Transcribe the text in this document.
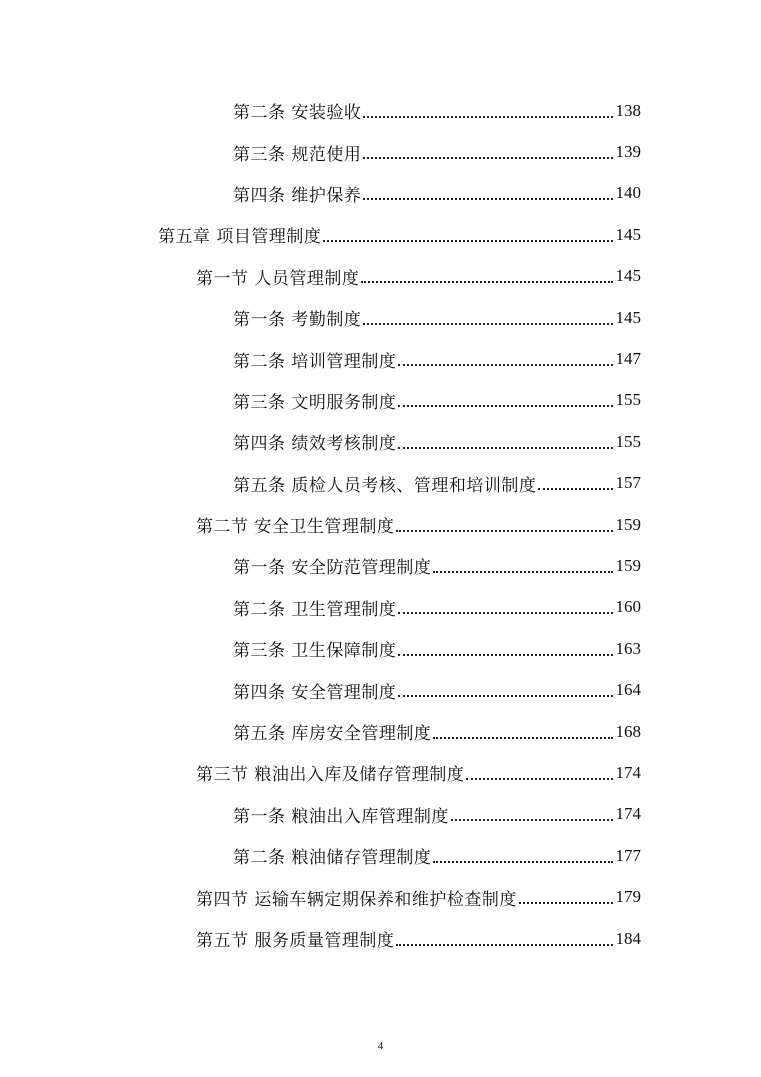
第二条 安装验收	138
第三条 规范使用	139
第四条 维护保养	140
第五章 项目管理制度	145
第一节 人员管理制度	145
第一条 考勤制度	145
第二条 培训管理制度	147
第三条 文明服务制度	155
第四条 绩效考核制度	155
第五条 质检人员考核、管理和培训制度	157
第二节 安全卫生管理制度	159
第一条 安全防范管理制度	159
第二条 卫生管理制度	160
第三条 卫生保障制度	163
第四条 安全管理制度	164
第五条 库房安全管理制度	168
第三节 粮油出入库及储存管理制度	174
第一条 粮油出入库管理制度	174
第二条 粮油储存管理制度	177
第四节 运输车辆定期保养和维护检查制度	179
第五节 服务质量管理制度	184
4
